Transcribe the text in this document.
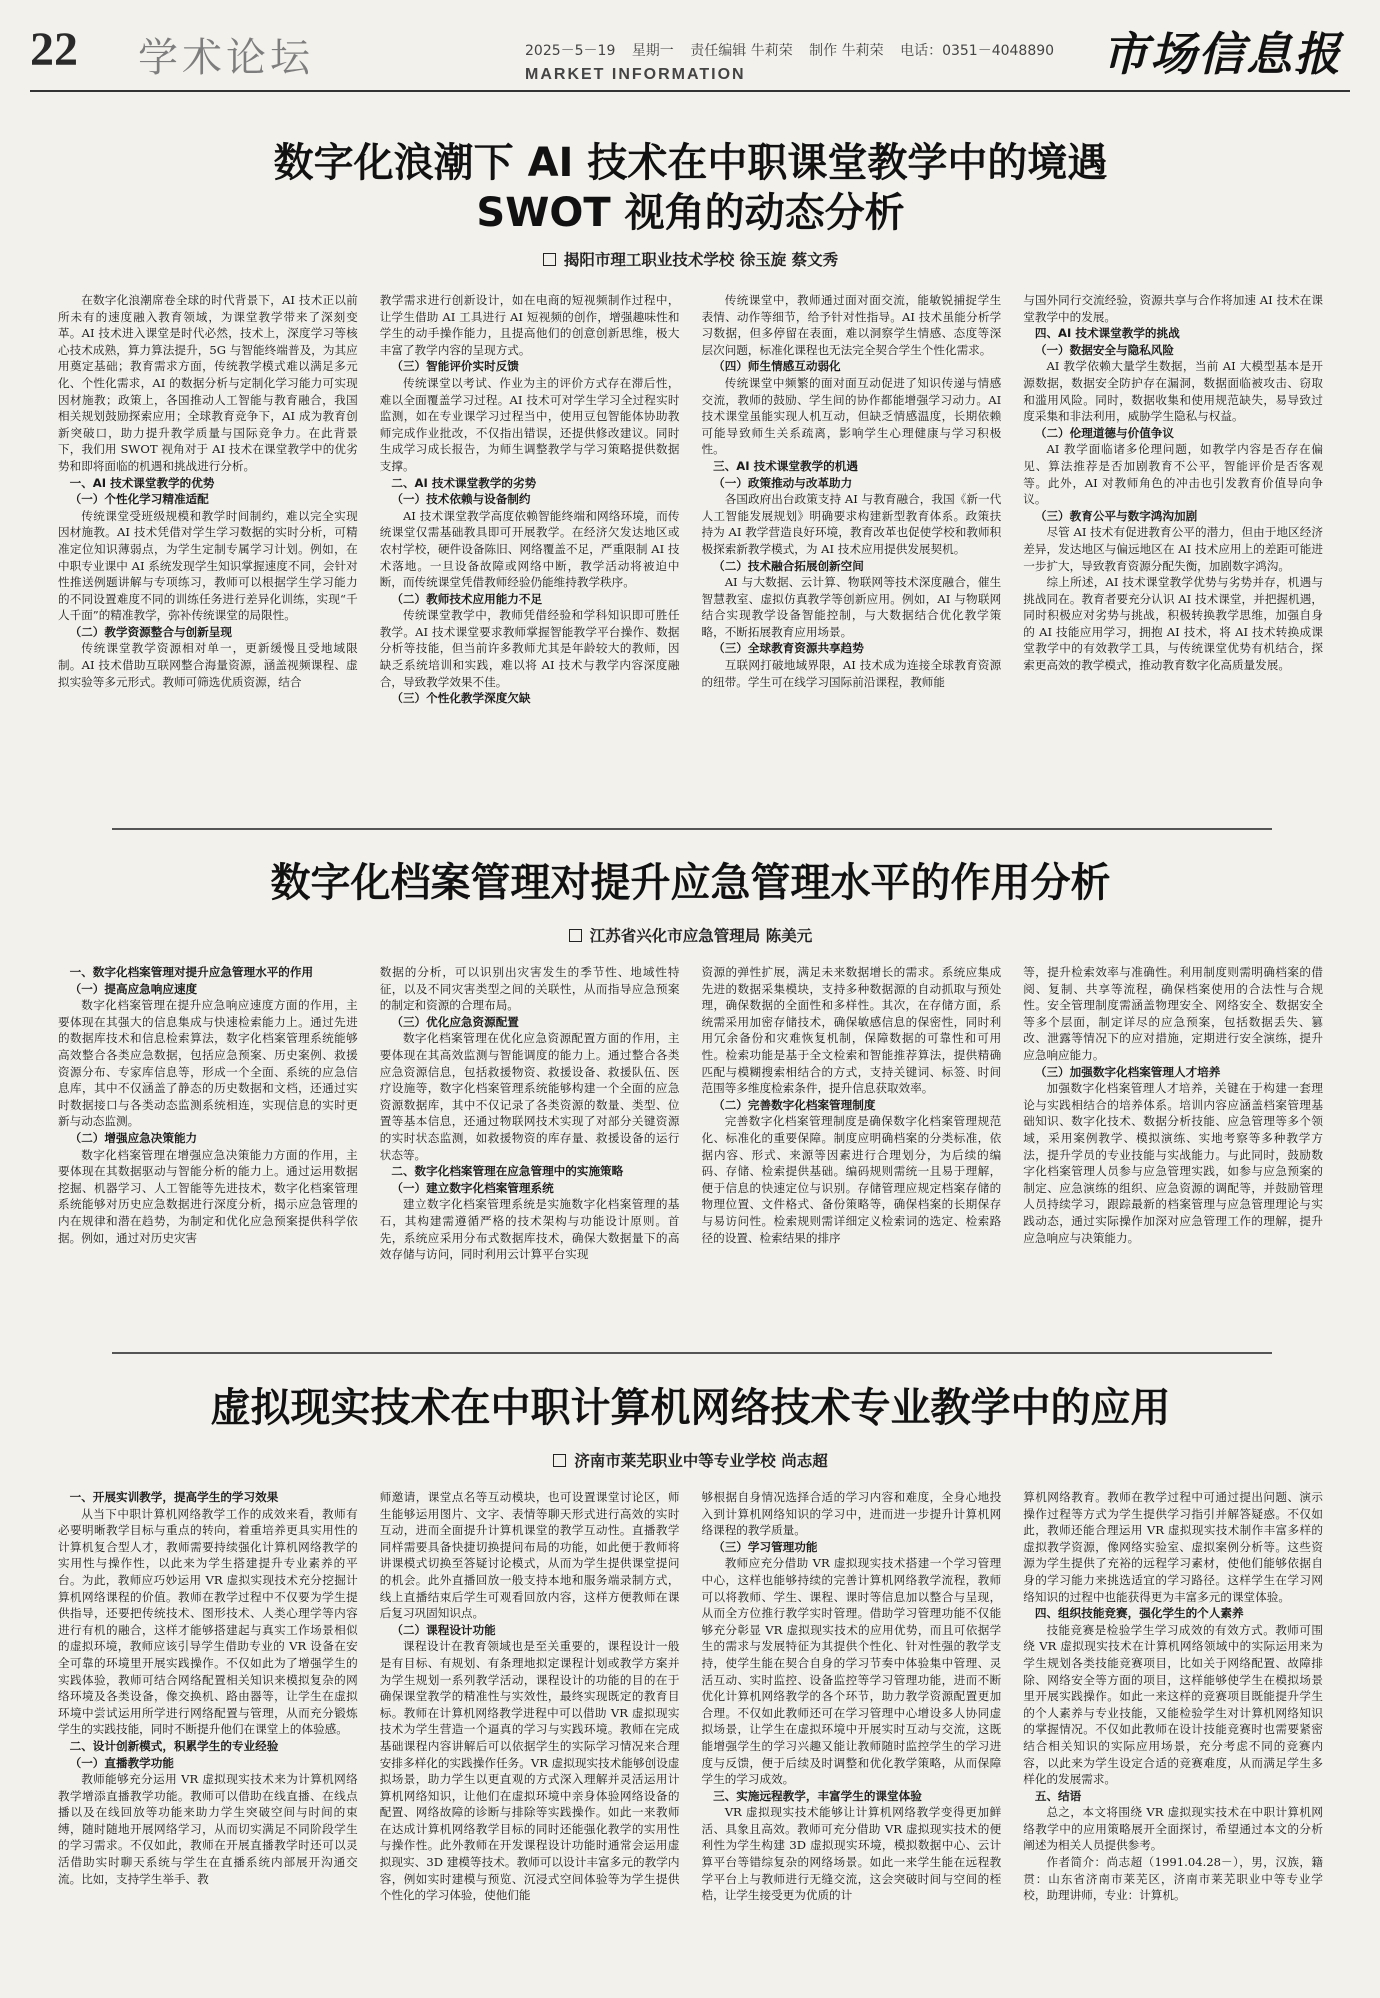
22 学术论坛	2025－5－19 星期一 责任编辑 牛莉荣 制作 牛莉荣 电话：0351－4048890
MARKET INFORMATION	市场信息报
数字化浪潮下 AI 技术在中职课堂教学中的境遇
SWOT 视角的动态分析
揭阳市理工职业技术学校 徐玉旋 蔡文秀

在数字化浪潮席卷全球的时代背景下，AI 技术正以前所未有的速度融入教育领域，为课堂教学带来了深刻变革。AI 技术进入课堂是时代必然，技术上，深度学习等核心技术成熟，算力算法提升，5G 与智能终端普及，为其应用奠定基础；教育需求方面，传统教学模式难以满足多元化、个性化需求，AI 的数据分析与定制化学习能力可实现因材施教；政策上，各国推动人工智能与教育融合，我国相关规划鼓励探索应用；全球教育竞争下，AI 成为教育创新突破口，助力提升教学质量与国际竞争力。在此背景下，我们用 SWOT 视角对于 AI 技术在课堂教学中的优劣势和即将面临的机遇和挑战进行分析。

一、AI 技术课堂教学的优势

（一）个性化学习精准适配

传统课堂受班级规模和教学时间制约，难以完全实现因材施教。AI 技术凭借对学生学习数据的实时分析，可精准定位知识薄弱点，为学生定制专属学习计划。例如，在中职专业课中 AI 系统发现学生知识掌握速度不同，会针对性推送例题讲解与专项练习，教师可以根据学生学习能力的不同设置难度不同的训练任务进行差异化训练，实现“千人千面”的精准教学，弥补传统课堂的局限性。

（二）教学资源整合与创新呈现

传统课堂教学资源相对单一，更新缓慢且受地域限制。AI 技术借助互联网整合海量资源，涵盖视频课程、虚拟实验等多元形式。教师可筛选优质资源，结合

教学需求进行创新设计，如在电商的短视频制作过程中，让学生借助 AI 工具进行 AI 短视频的创作，增强趣味性和学生的动手操作能力，且提高他们的创意创新思维，极大丰富了教学内容的呈现方式。

（三）智能评价实时反馈

传统课堂以考试、作业为主的评价方式存在滞后性，难以全面覆盖学习过程。AI 技术可对学生学习全过程实时监测，如在专业课学习过程当中，使用豆包智能体协助教师完成作业批改，不仅指出错误，还提供修改建议。同时生成学习成长报告，为师生调整教学与学习策略提供数据支撑。

二、AI 技术课堂教学的劣势

（一）技术依赖与设备制约

AI 技术课堂教学高度依赖智能终端和网络环境，而传统课堂仅需基础教具即可开展教学。在经济欠发达地区或农村学校，硬件设备陈旧、网络覆盖不足，严重限制 AI 技术落地。一旦设备故障或网络中断，教学活动将被迫中断，而传统课堂凭借教师经验仍能维持教学秩序。

（二）教师技术应用能力不足

传统课堂教学中，教师凭借经验和学科知识即可胜任教学。AI 技术课堂要求教师掌握智能教学平台操作、数据分析等技能，但当前许多教师尤其是年龄较大的教师，因缺乏系统培训和实践，难以将 AI 技术与教学内容深度融合，导致教学效果不佳。

（三）个性化教学深度欠缺

传统课堂中，教师通过面对面交流，能敏锐捕捉学生表情、动作等细节，给予针对性指导。AI 技术虽能分析学习数据，但多停留在表面，难以洞察学生情感、态度等深层次问题，标准化课程也无法完全契合学生个性化需求。

（四）师生情感互动弱化

传统课堂中频繁的面对面互动促进了知识传递与情感交流，教师的鼓励、学生间的协作都能增强学习动力。AI 技术课堂虽能实现人机互动，但缺乏情感温度，长期依赖可能导致师生关系疏离，影响学生心理健康与学习积极性。

三、AI 技术课堂教学的机遇

（一）政策推动与改革助力

各国政府出台政策支持 AI 与教育融合，我国《新一代人工智能发展规划》明确要求构建新型教育体系。政策扶持为 AI 教学营造良好环境，教育改革也促使学校和教师积极探索新教学模式，为 AI 技术应用提供发展契机。

（二）技术融合拓展创新空间

AI 与大数据、云计算、物联网等技术深度融合，催生智慧教室、虚拟仿真教学等创新应用。例如，AI 与物联网结合实现教学设备智能控制，与大数据结合优化教学策略，不断拓展教育应用场景。

（三）全球教育资源共享趋势

互联网打破地域界限，AI 技术成为连接全球教育资源的纽带。学生可在线学习国际前沿课程，教师能

与国外同行交流经验，资源共享与合作将加速 AI 技术在课堂教学中的发展。

四、AI 技术课堂教学的挑战

（一）数据安全与隐私风险

AI 教学依赖大量学生数据，当前 AI 大模型基本是开源数据，数据安全防护存在漏洞，数据面临被攻击、窃取和滥用风险。同时，数据收集和使用规范缺失，易导致过度采集和非法利用，威胁学生隐私与权益。

（二）伦理道德与价值争议

AI 教学面临诸多伦理问题，如教学内容是否存在偏见、算法推荐是否加剧教育不公平，智能评价是否客观等。此外，AI 对教师角色的冲击也引发教育价值导向争议。

（三）教育公平与数字鸿沟加剧

尽管 AI 技术有促进教育公平的潜力，但由于地区经济差异，发达地区与偏远地区在 AI 技术应用上的差距可能进一步扩大，导致教育资源分配失衡，加剧数字鸿沟。

综上所述，AI 技术课堂教学优势与劣势并存，机遇与挑战同在。教育者要充分认识 AI 技术课堂，并把握机遇，同时积极应对劣势与挑战，积极转换教学思维，加强自身的 AI 技能应用学习，拥抱 AI 技术，将 AI 技术转换成课堂教学中的有效教学工具，与传统课堂优势有机结合，探索更高效的教学模式，推动教育数字化高质量发展。

数字化档案管理对提升应急管理水平的作用分析
江苏省兴化市应急管理局 陈美元

一、数字化档案管理对提升应急管理水平的作用

（一）提高应急响应速度

数字化档案管理在提升应急响应速度方面的作用，主要体现在其强大的信息集成与快速检索能力上。通过先进的数据库技术和信息检索算法，数字化档案管理系统能够高效整合各类应急数据，包括应急预案、历史案例、救援资源分布、专家库信息等，形成一个全面、系统的应急信息库，其中不仅涵盖了静态的历史数据和文档，还通过实时数据接口与各类动态监测系统相连，实现信息的实时更新与动态监测。

（二）增强应急决策能力

数字化档案管理在增强应急决策能力方面的作用，主要体现在其数据驱动与智能分析的能力上。通过运用数据挖掘、机器学习、人工智能等先进技术，数字化档案管理系统能够对历史应急数据进行深度分析，揭示应急管理的内在规律和潜在趋势，为制定和优化应急预案提供科学依据。例如，通过对历史灾害

数据的分析，可以识别出灾害发生的季节性、地域性特征，以及不同灾害类型之间的关联性，从而指导应急预案的制定和资源的合理布局。

（三）优化应急资源配置

数字化档案管理在优化应急资源配置方面的作用，主要体现在其高效监测与智能调度的能力上。通过整合各类应急资源信息，包括救援物资、救援设备、救援队伍、医疗设施等，数字化档案管理系统能够构建一个全面的应急资源数据库，其中不仅记录了各类资源的数量、类型、位置等基本信息，还通过物联网技术实现了对部分关键资源的实时状态监测，如救援物资的库存量、救援设备的运行状态等。

二、数字化档案管理在应急管理中的实施策略

（一）建立数字化档案管理系统

建立数字化档案管理系统是实施数字化档案管理的基石，其构建需遵循严格的技术架构与功能设计原则。首先，系统应采用分布式数据库技术，确保大数据量下的高效存储与访问，同时利用云计算平台实现

资源的弹性扩展，满足未来数据增长的需求。系统应集成先进的数据采集模块，支持多种数据源的自动抓取与预处理，确保数据的全面性和多样性。其次，在存储方面，系统需采用加密存储技术，确保敏感信息的保密性，同时利用冗余备份和灾难恢复机制，保障数据的可靠性和可用性。检索功能是基于全文检索和智能推荐算法，提供精确匹配与模糊搜索相结合的方式，支持关键词、标签、时间范围等多维度检索条件，提升信息获取效率。

（二）完善数字化档案管理制度

完善数字化档案管理制度是确保数字化档案管理规范化、标准化的重要保障。制度应明确档案的分类标准，依据内容、形式、来源等因素进行合理划分，为后续的编码、存储、检索提供基础。编码规则需统一且易于理解，便于信息的快速定位与识别。存储管理应规定档案存储的物理位置、文件格式、备份策略等，确保档案的长期保存与易访问性。检索规则需详细定义检索词的选定、检索路径的设置、检索结果的排序

等，提升检索效率与准确性。利用制度则需明确档案的借阅、复制、共享等流程，确保档案使用的合法性与合规性。安全管理制度需涵盖物理安全、网络安全、数据安全等多个层面，制定详尽的应急预案，包括数据丢失、篡改、泄露等情况下的应对措施，定期进行安全演练，提升应急响应能力。

（三）加强数字化档案管理人才培养

加强数字化档案管理人才培养，关键在于构建一套理论与实践相结合的培养体系。培训内容应涵盖档案管理基础知识、数字化技术、数据分析技能、应急管理等多个领域，采用案例教学、模拟演练、实地考察等多种教学方法，提升学员的专业技能与实战能力。与此同时，鼓励数字化档案管理人员参与应急管理实践，如参与应急预案的制定、应急演练的组织、应急资源的调配等，并鼓励管理人员持续学习，跟踪最新的档案管理与应急管理理论与实践动态，通过实际操作加深对应急管理工作的理解，提升应急响应与决策能力。

虚拟现实技术在中职计算机网络技术专业教学中的应用
济南市莱芜职业中等专业学校 尚志超

一、开展实训教学，提高学生的学习效果

从当下中职计算机网络教学工作的成效来看，教师有必要明晰教学目标与重点的转向，着重培养更具实用性的计算机复合型人才，教师需要持续强化计算机网络教学的实用性与操作性，以此来为学生搭建提升专业素养的平台。为此，教师应巧妙运用 VR 虚拟实现技术充分挖掘计算机网络课程的价值。教师在教学过程中不仅要为学生提供指导，还要把传统技术、图形技术、人类心理学等内容进行有机的融合，这样才能够搭建起与真实工作场景相似的虚拟环境，教师应该引导学生借助专业的 VR 设备在安全可靠的环境里开展实践操作。不仅如此为了增强学生的实践体验，教师可结合网络配置相关知识来模拟复杂的网络环境及各类设备，像交换机、路由器等，让学生在虚拟环境中尝试运用所学进行网络配置与管理，从而充分锻炼学生的实践技能，同时不断提升他们在课堂上的体验感。

二、设计创新模式，积累学生的专业经验

（一）直播教学功能

教师能够充分运用 VR 虚拟现实技术来为计算机网络教学增添直播教学功能。教师可以借助在线直播、在线点播以及在线回放等功能来助力学生突破空间与时间的束缚，随时随地开展网络学习，从而切实满足不同阶段学生的学习需求。不仅如此，教师在开展直播教学时还可以灵活借助实时聊天系统与学生在直播系统内部展开沟通交流。比如，支持学生举手、教

师邀请，课堂点名等互动模块，也可设置课堂讨论区，师生能够运用图片、文字、表情等聊天形式进行高效的实时互动，进而全面提升计算机课堂的教学互动性。直播教学同样需要具备快捷切换提问布局的功能，如此便于教师将讲课模式切换至答疑讨论模式，从而为学生提供课堂提问的机会。此外直播回放一般支持本地和服务端录制方式，线上直播结束后学生可观看回放内容，这样方便教师在课后复习巩固知识点。

（二）课程设计功能

课程设计在教育领域也是至关重要的，课程设计一般是有目标、有规划、有条理地拟定课程计划或教学方案并为学生规划一系列教学活动，课程设计的功能的目的在于确保课堂教学的精准性与实效性，最终实现既定的教育目标。教师在计算机网络教学进程中可以借助 VR 虚拟现实技术为学生营造一个逼真的学习与实践环境。教师在完成基础课程内容讲解后可以依据学生的实际学习情况来合理安排多样化的实践操作任务。VR 虚拟现实技术能够创设虚拟场景，助力学生以更直观的方式深入理解并灵活运用计算机网络知识，让他们在虚拟环境中亲身体验网络设备的配置、网络故障的诊断与排除等实践操作。如此一来教师在达成计算机网络教学目标的同时还能强化教学的实用性与操作性。此外教师在开发课程设计功能时通常会运用虚拟现实、3D 建模等技术。教师可以设计丰富多元的教学内容，例如实时建模与预览、沉浸式空间体验等为学生提供个性化的学习体验，使他们能

够根据自身情况选择合适的学习内容和难度，全身心地投入到计算机网络知识的学习中，进而进一步提升计算机网络课程的教学质量。

（三）学习管理功能

教师应充分借助 VR 虚拟现实技术搭建一个学习管理中心，这样也能够持续的完善计算机网络教学流程，教师可以将教师、学生、课程、课时等信息加以整合与呈现，从而全方位推行教学实时管理。借助学习管理功能不仅能够充分彰显 VR 虚拟现实技术的应用优势，而且可依据学生的需求与发展特征为其提供个性化、针对性强的教学支持，使学生能在契合自身的学习节奏中体验集中管理、灵活互动、实时监控、设备监控等学习管理功能，进而不断优化计算机网络教学的各个环节，助力教学资源配置更加合理。不仅如此教师还可在学习管理中心增设多人协同虚拟场景，让学生在虚拟环境中开展实时互动与交流，这既能增强学生的学习兴趣又能让教师随时监控学生的学习进度与反馈，便于后续及时调整和优化教学策略，从而保障学生的学习成效。

三、实施远程教学，丰富学生的课堂体验

VR 虚拟现实技术能够让计算机网络教学变得更加鲜活、具象且高效。教师可充分借助 VR 虚拟现实技术的便利性为学生构建 3D 虚拟现实环境，模拟数据中心、云计算平台等错综复杂的网络场景。如此一来学生能在远程教学平台上与教师进行无缝交流，这会突破时间与空间的桎梏，让学生接受更为优质的计

算机网络教育。教师在教学过程中可通过提出问题、演示操作过程等方式为学生提供学习指引并解答疑惑。不仅如此，教师还能合理运用 VR 虚拟现实技术制作丰富多样的虚拟教学资源，像网络实验室、虚拟案例分析等。这些资源为学生提供了充裕的远程学习素材，使他们能够依据自身的学习能力来挑选适宜的学习路径。这样学生在学习网络知识的过程中也能获得更为丰富多元的课堂体验。

四、组织技能竞赛，强化学生的个人素养

技能竞赛是检验学生学习成效的有效方式。教师可围绕 VR 虚拟现实技术在计算机网络领域中的实际运用来为学生规划各类技能竞赛项目，比如关于网络配置、故障排除、网络安全等方面的项目，这样能够使学生在模拟场景里开展实践操作。如此一来这样的竞赛项目既能提升学生的个人素养与专业技能，又能检验学生对计算机网络知识的掌握情况。不仅如此教师在设计技能竞赛时也需要紧密结合相关知识的实际应用场景，充分考虑不同的竞赛内容，以此来为学生设定合适的竞赛难度，从而满足学生多样化的发展需求。

五、结语

总之，本文将围绕 VR 虚拟现实技术在中职计算机网络教学中的应用策略展开全面探讨，希望通过本文的分析阐述为相关人员提供参考。

作者简介：尚志超（1991.04.28－），男，汉族，籍贯：山东省济南市莱芜区，济南市莱芜职业中等专业学校，助理讲师，专业：计算机。
